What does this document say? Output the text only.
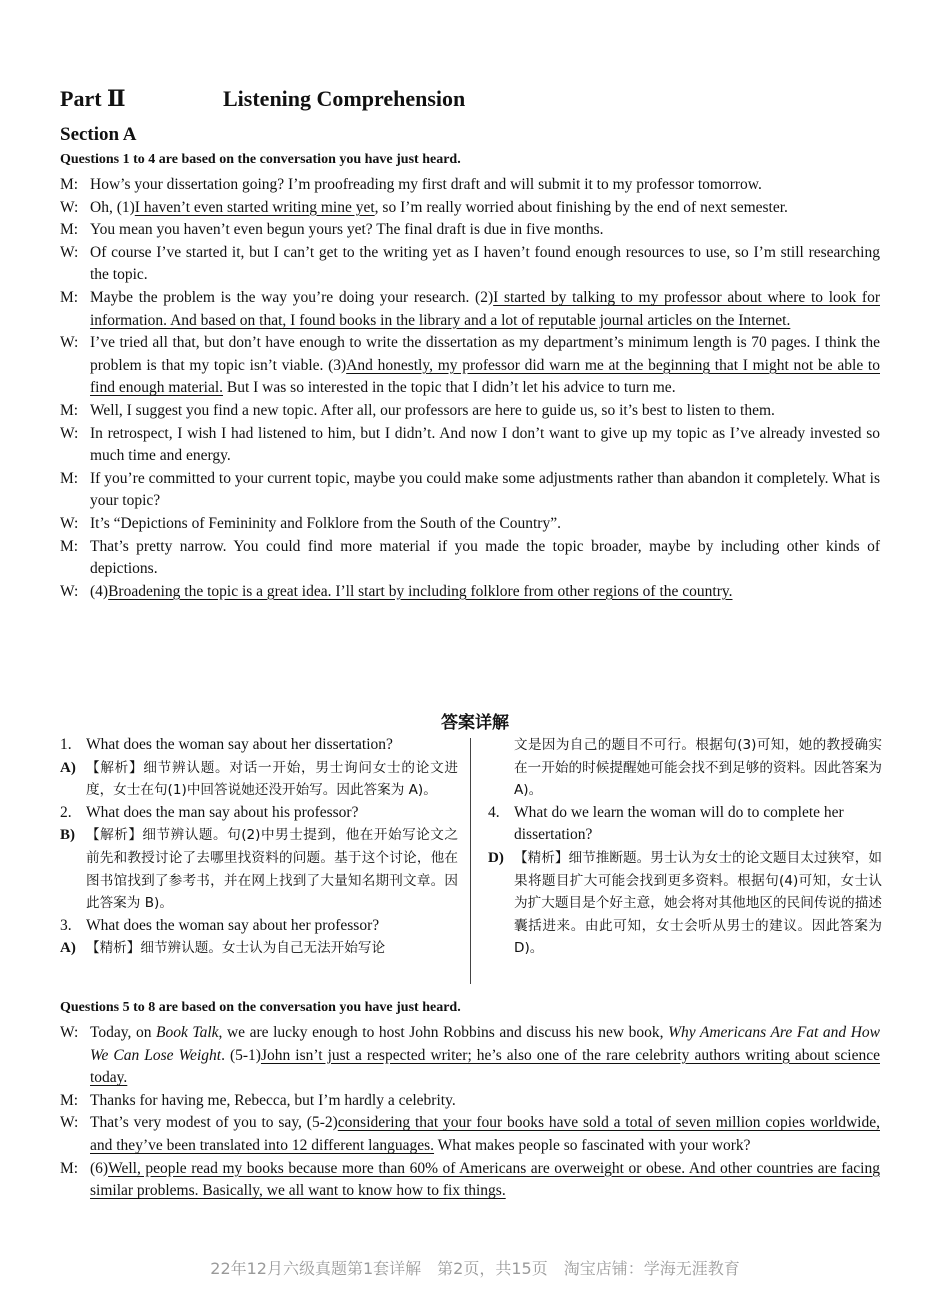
Part Ⅱ	Listening Comprehension
Section A
Questions 1 to 4 are based on the conversation you have just heard.
M: How’s your dissertation going? I’m proofreading my first draft and will submit it to my professor tomorrow.
W: Oh, (1)I haven’t even started writing mine yet, so I’m really worried about finishing by the end of next semester.
M: You mean you haven’t even begun yours yet? The final draft is due in five months.
W: Of course I’ve started it, but I can’t get to the writing yet as I haven’t found enough resources to use, so I’m still researching the topic.
M: Maybe the problem is the way you’re doing your research. (2)I started by talking to my professor about where to look for information. And based on that, I found books in the library and a lot of reputable journal articles on the Internet.
W: I’ve tried all that, but don’t have enough to write the dissertation as my department’s minimum length is 70 pages. I think the problem is that my topic isn’t viable. (3)And honestly, my professor did warn me at the beginning that I might not be able to find enough material. But I was so interested in the topic that I didn’t let his advice to turn me.
M: Well, I suggest you find a new topic. After all, our professors are here to guide us, so it’s best to listen to them.
W: In retrospect, I wish I had listened to him, but I didn’t. And now I don’t want to give up my topic as I’ve already invested so much time and energy.
M: If you’re committed to your current topic, maybe you could make some adjustments rather than abandon it completely. What is your topic?
W: It’s “Depictions of Femininity and Folklore from the South of the Country”.
M: That’s pretty narrow. You could find more material if you made the topic broader, maybe by including other kinds of depictions.
W: (4)Broadening the topic is a great idea. I’ll start by including folklore from other regions of the country.
答案详解
1. What does the woman say about her dissertation?
A) 【解析】细节辨认题。对话一开始，男士询问女士的论文进度，女士在句(1)中回答说她还没开始写。因此答案为 A)。
2. What does the man say about his professor?
B) 【解析】细节辨认题。句(2)中男士提到，他在开始写论文之前先和教授讨论了去哪里找资料的问题。基于这个讨论，他在图书馆找到了参考书，并在网上找到了大量知名期刊文章。因此答案为 B)。
3. What does the woman say about her professor?
A) 【精析】细节辨认题。女士认为自己无法开始写论
文是因为自己的题目不可行。根据句(3)可知，她的教授确实在一开始的时候提醒她可能会找不到足够的资料。因此答案为 A)。
4. What do we learn the woman will do to complete her dissertation?
D) 【精析】细节推断题。男士认为女士的论文题目太过狭窄，如果将题目扩大可能会找到更多资料。根据句(4)可知，女士认为扩大题目是个好主意，她会将对其他地区的民间传说的描述囊括进来。由此可知，女士会听从男士的建议。因此答案为 D)。
Questions 5 to 8 are based on the conversation you have just heard.
W: Today, on Book Talk, we are lucky enough to host John Robbins and discuss his new book, Why Americans Are Fat and How We Can Lose Weight. (5-1)John isn’t just a respected writer; he’s also one of the rare celebrity authors writing about science today.
M: Thanks for having me, Rebecca, but I’m hardly a celebrity.
W: That’s very modest of you to say, (5-2)considering that your four books have sold a total of seven million copies worldwide, and they’ve been translated into 12 different languages. What makes people so fascinated with your work?
M: (6)Well, people read my books because more than 60% of Americans are overweight or obese. And other countries are facing similar problems. Basically, we all want to know how to fix things.
22年12月六级真题第1套详解　第2页，共15页　淘宝店铺：学海无涯教育
